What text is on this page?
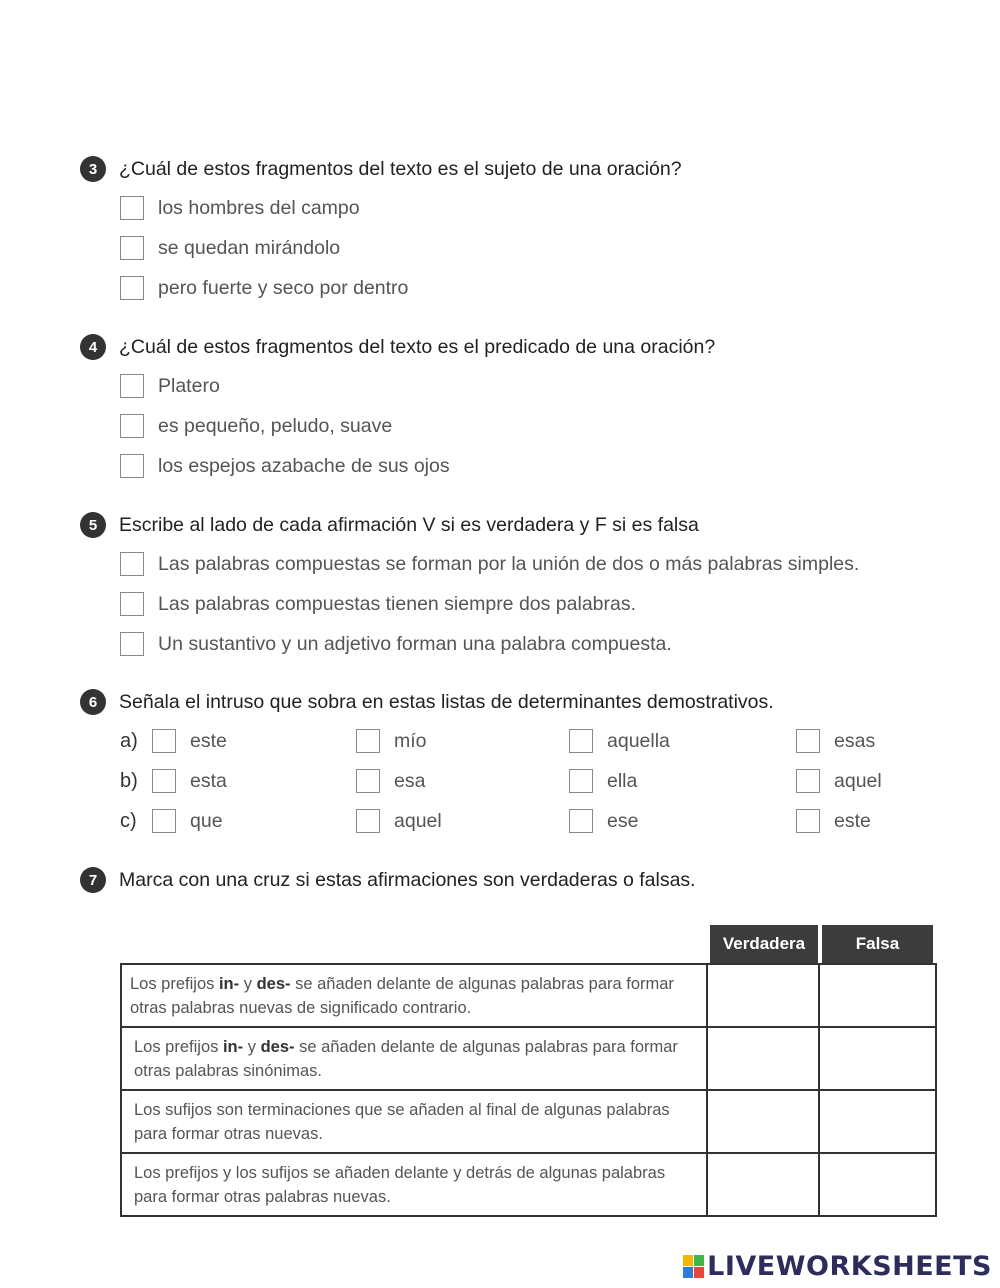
3	¿Cuál de estos fragmentos del texto es el sujeto de una oración?
los hombres del campo
se quedan mirándolo
pero fuerte y seco por dentro
4	¿Cuál de estos fragmentos del texto es el predicado de una oración?
Platero
es pequeño, peludo, suave
los espejos azabache de sus ojos
5	Escribe al lado de cada afirmación V si es verdadera y F si es falsa
Las palabras compuestas se forman por la unión de dos o más palabras simples.
Las palabras compuestas tienen siempre dos palabras.
Un sustantivo y un adjetivo forman una palabra compuesta.
6	Señala el intruso que sobra en estas listas de determinantes demostrativos.
a)	este	mío	aquella	esas
b)	esta	esa	ella	aquel
c)	que	aquel	ese	este
7	Marca con una cruz si estas afirmaciones son verdaderas o falsas.
Verdadera	Falsa
Los prefijos in- y des- se añaden delante de algunas palabras para formar otras palabras nuevas de significado contrario.
Los prefijos in- y des- se añaden delante de algunas palabras para formar otras palabras sinónimas.
Los sufijos son terminaciones que se añaden al final de algunas palabras para formar otras nuevas.
Los prefijos y los sufijos se añaden delante y detrás de algunas palabras para formar otras palabras nuevas.
LIVEWORKSHEETS
